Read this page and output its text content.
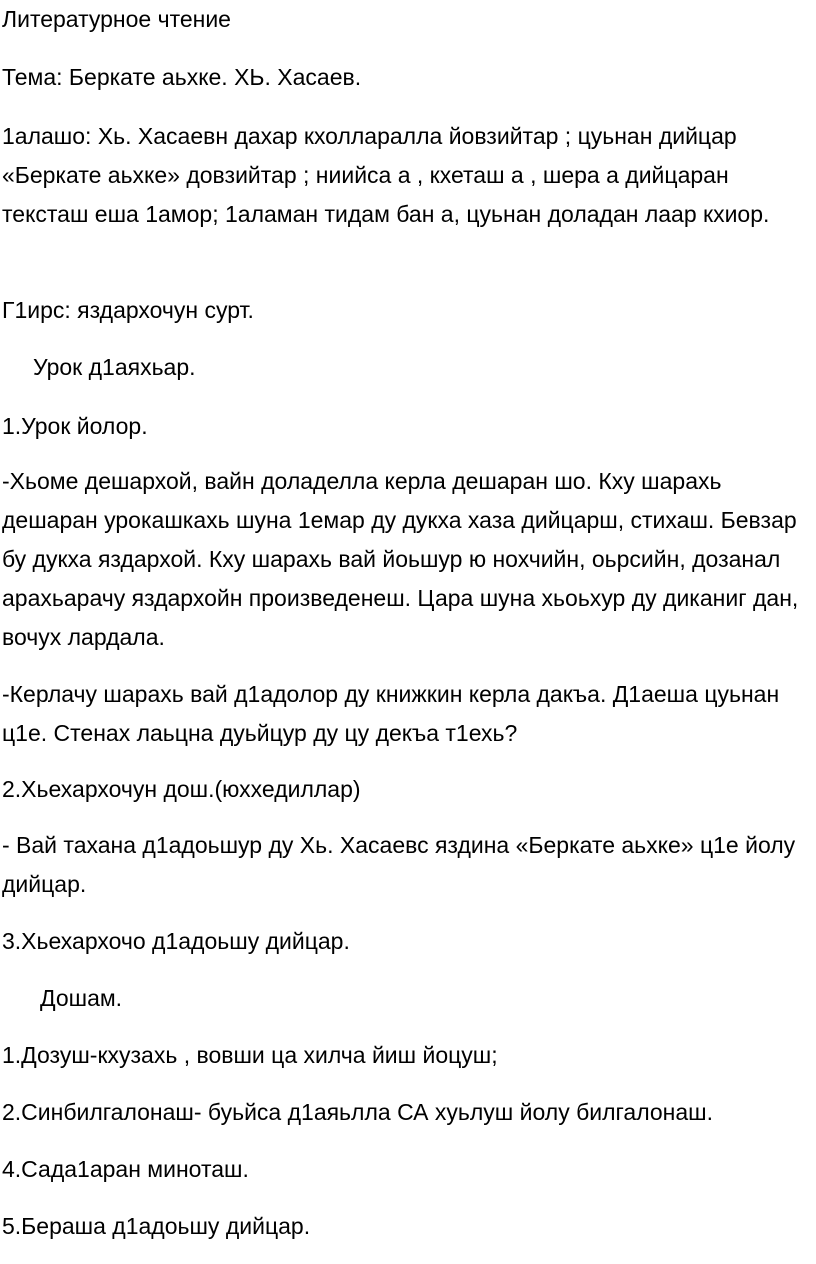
Литературное чтение

Тема: Беркате аьхке. ХЬ. Хасаев.

1алашо: Хь. Хасаевн дахар кхолларалла йовзийтар ; цуьнан дийцар «Беркате аьхке» довзийтар ; ниийса а , кхеташ а , шера а дийцаран тексташ еша 1амор; 1аламан тидам бан а, цуьнан доладан лаар кхиор.

Г1ирс: яздархочун сурт.

Урок д1аяхьар.

1.Урок йолор.

-Хьоме дешархой, вайн доладелла керла дешаран шо. Кху шарахь дешаран урокашкахь шуна 1емар ду дукха хаза дийцарш, стихаш. Бевзар бу дукха яздархой. Кху шарахь вай йоьшур ю нохчийн, оьрсийн, дозанал арахьарачу яздархойн произведенеш. Цара шуна хьоьхур ду диканиг дан, вочух лардала.

-Керлачу шарахь вай д1адолор ду книжкин керла дакъа. Д1аеша цуьнан ц1е. Стенах лаьцна дуьйцур ду цу декъа т1ехь?

2.Хьехархочун дош.(юххедиллар)

- Вай тахана д1адоьшур ду Хь. Хасаевс яздина «Беркате аьхке» ц1е йолу дийцар.

3.Хьехархочо д1адоьшу дийцар.

Дошам.

1.Дозуш-кхузахь , вовши ца хилча йиш йоцуш;

2.Синбилгалонаш- буьйса д1аяьлла СА хуьлуш йолу билгалонаш.

4.Сада1аран миноташ.

5.Бераша д1адоьшу дийцар.
